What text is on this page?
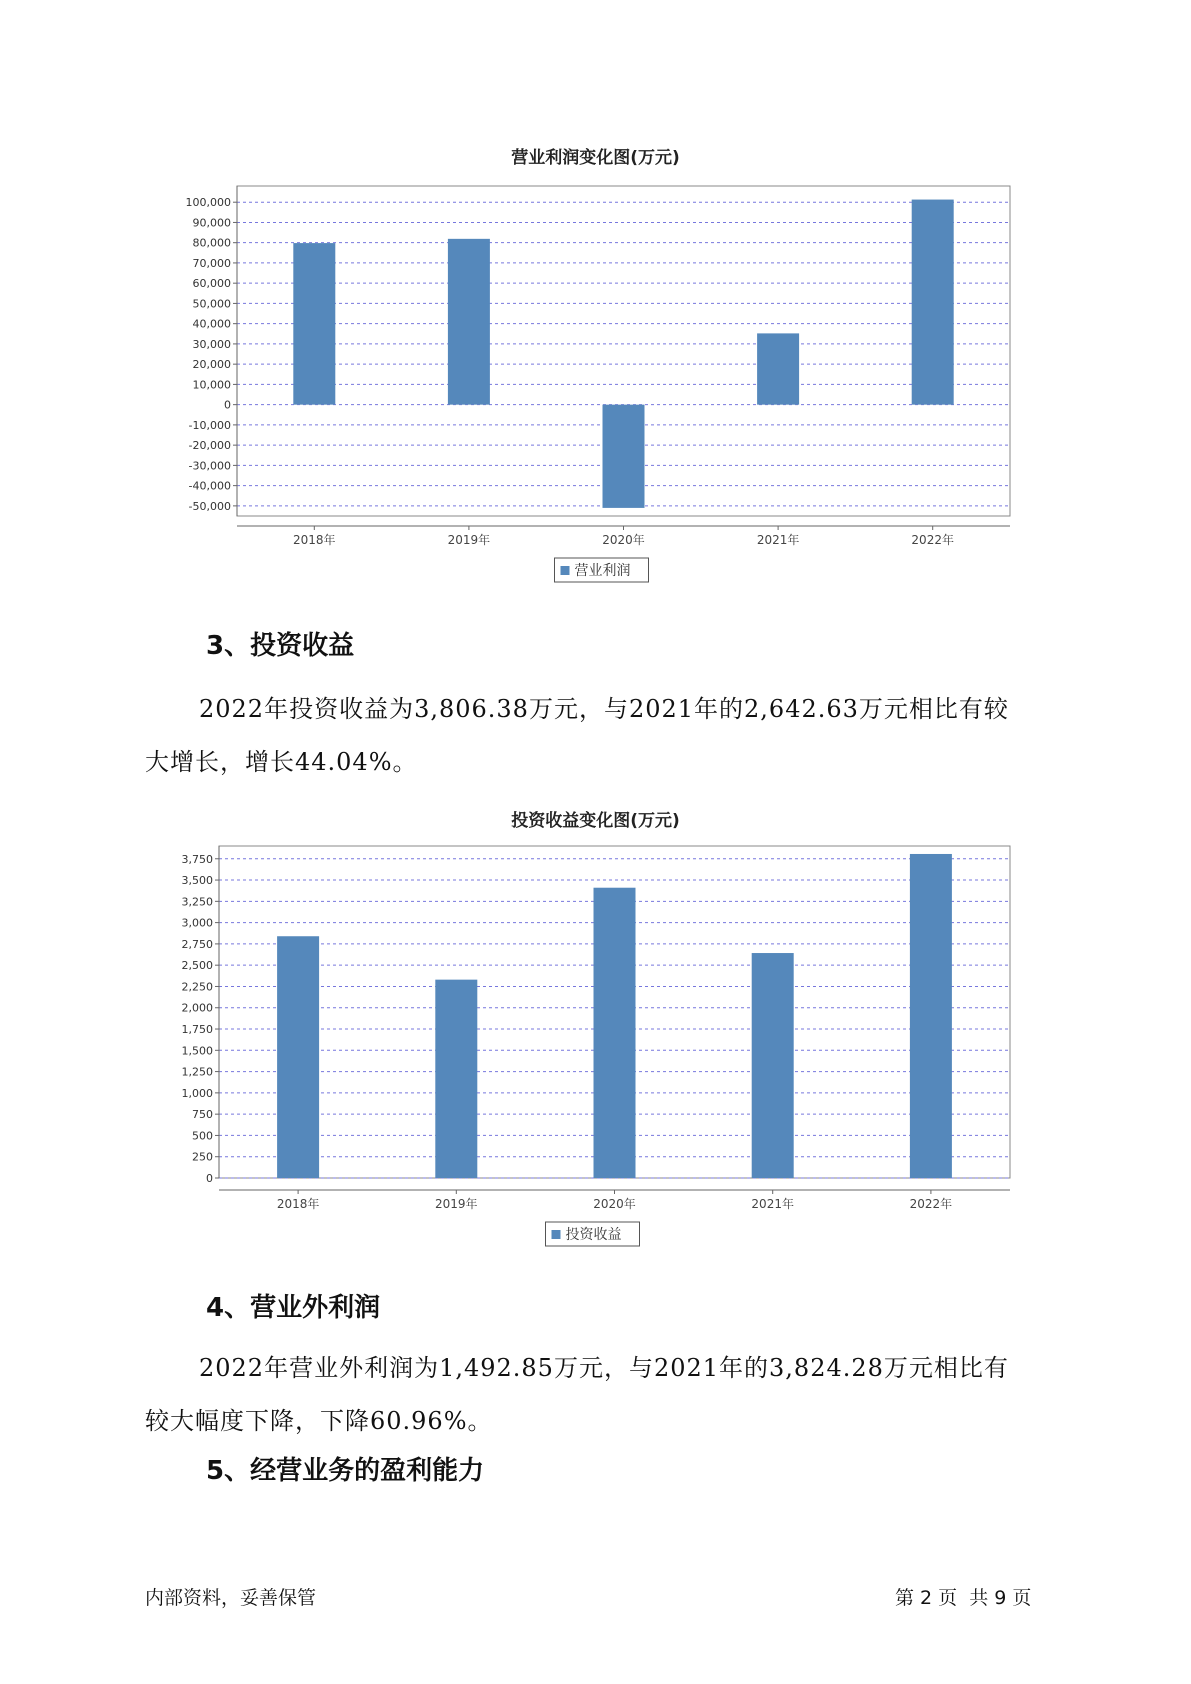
营业利润变化图(万元)
100,000
90,000
80,000
70,000
60,000
50,000
40,000
30,000
20,000
10,000
0
-10,000
-20,000
-30,000
-40,000
-50,000
2018年	2019年	2020年	2021年	2022年
营业利润
3、投资收益
2022年投资收益为3,806.38万元，与2021年的2,642.63万元相比有较
大增长，增长44.04%。
投资收益变化图(万元)
3,750
3,500
3,250
3,000
2,750
2,500
2,250
2,000
1,750
1,500
1,250
1,000
750
500
250
0
2018年	2019年	2020年	2021年	2022年
投资收益
4、营业外利润
2022年营业外利润为1,492.85万元，与2021年的3,824.28万元相比有
较大幅度下降，下降60.96%。
5、经营业务的盈利能力
内部资料，妥善保管	第 2 页  共 9 页
